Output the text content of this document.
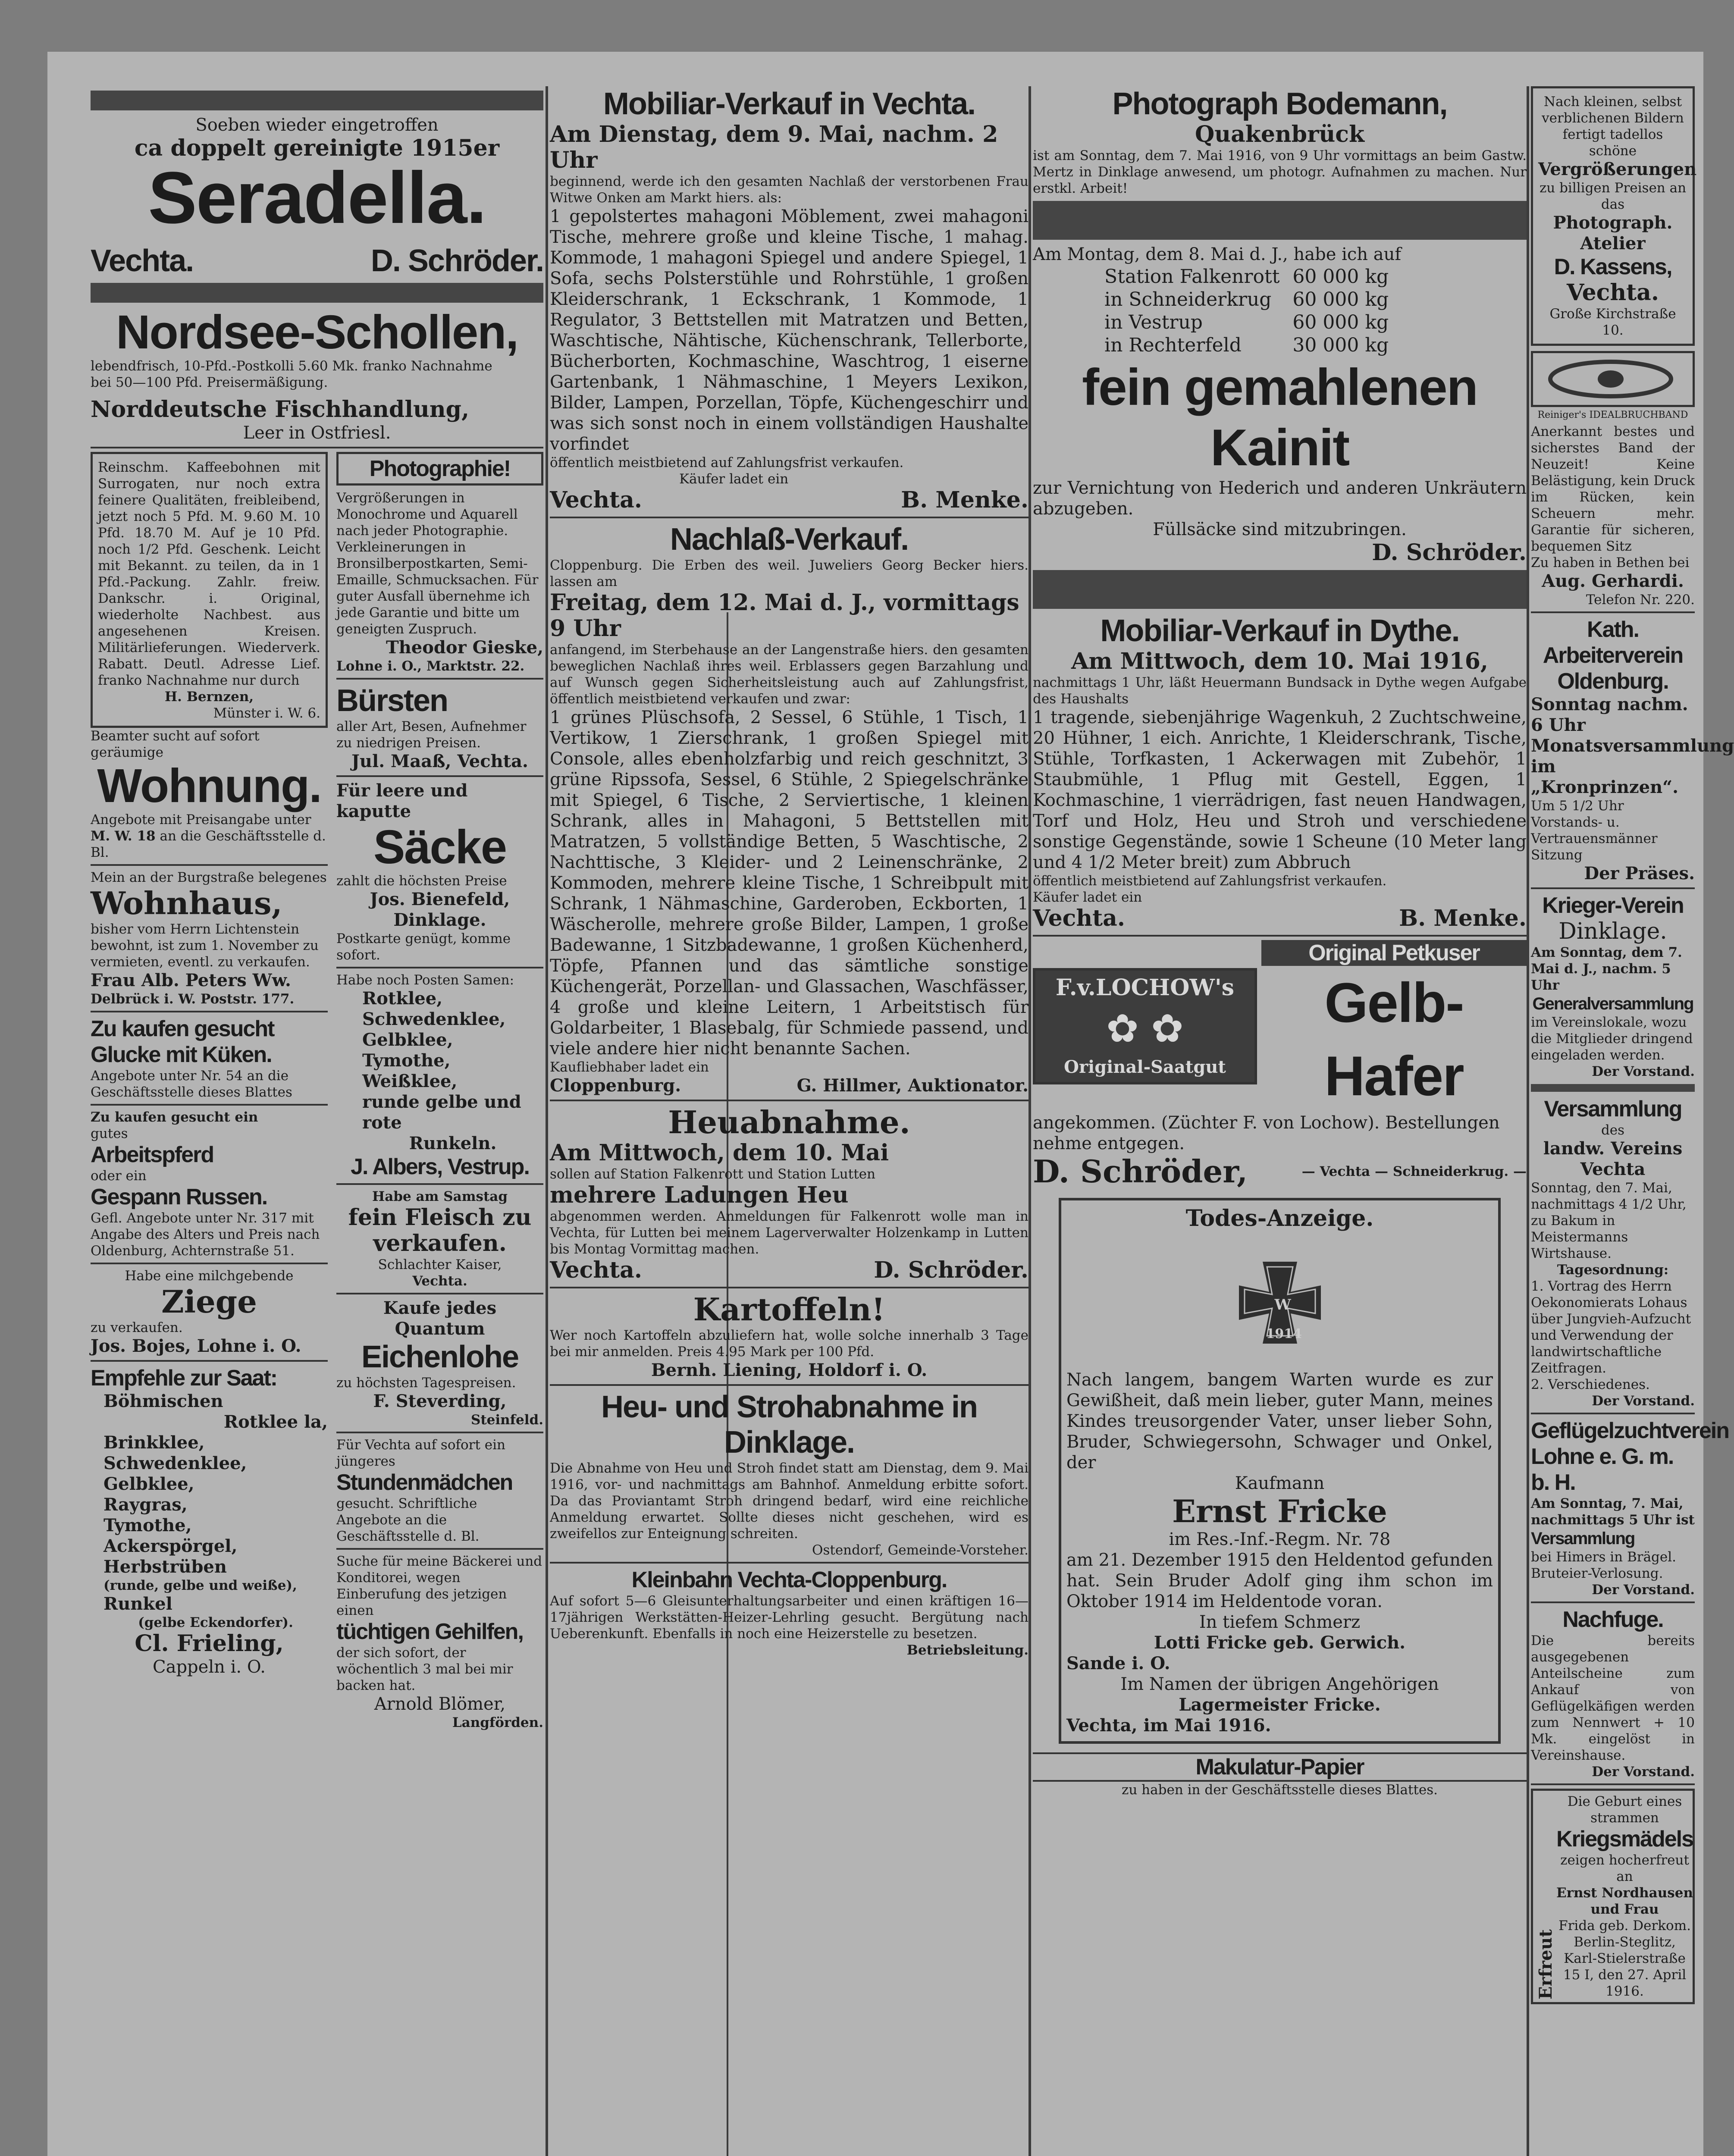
Soeben wieder eingetroffen
ca doppelt gereinigte 1915er
Seradella.
Vechta.	D. Schröder.
Nordsee-Schollen,
lebendfrisch, 10-Pfd.-Postkolli 5.60 Mk. franko Nachnahme
bei 50—100 Pfd. Preisermäßigung.
Norddeutsche Fischhandlung,
Leer in Ostfriesl.
Reinschm. Kaffeebohnen mit Surrogaten, nur noch extra feinere Qualitäten, freibleibend, jetzt noch 5 Pfd. M. 9.60 M. 10 Pfd. 18.70 M. Auf je 10 Pfd. noch 1/2 Pfd. Geschenk. Leicht mit Bekannt. zu teilen, da in 1 Pfd.-Packung. Zahlr. freiw. Dankschr. i. Original, wiederholte Nachbest. aus angesehenen Kreisen. Militärlieferungen. Wiederverk. Rabatt. Deutl. Adresse Lief. franko Nachnahme nur durch
H. Bernzen,
Münster i. W. 6.
Beamter sucht auf sofort geräumige
Wohnung.
Angebote mit Preisangabe unter M. W. 18 an die Geschäftsstelle d. Bl.
Mein an der Burgstraße belegenes
Wohnhaus,
bisher vom Herrn Lichtenstein bewohnt, ist zum 1. November zu vermieten, eventl. zu verkaufen.
Frau Alb. Peters Ww.
Delbrück i. W. Poststr. 177.
Zu kaufen gesucht Glucke mit Küken.
Angebote unter Nr. 54 an die Geschäftsstelle dieses Blattes
Zu kaufen gesucht ein
gutes
Arbeitspferd
oder ein
Gespann Russen.
Gefl. Angebote unter Nr. 317 mit Angabe des Alters und Preis nach Oldenburg, Achternstraße 51.
Habe eine milchgebende
Ziege
zu verkaufen.
Jos. Bojes, Lohne i. O.
Empfehle zur Saat:
Böhmischen
Rotklee la,
Brinkklee,
Schwedenklee,
Gelbklee,
Raygras,
Tymothe,
Ackerspörgel,
Herbstrüben
(runde, gelbe und weiße),
Runkel
(gelbe Eckendorfer).
Cl. Frieling,
Cappeln i. O.
Photographie!
Vergrößerungen in Monochrome und Aquarell nach jeder Photographie.
Verkleinerungen in Bronsilberpostkarten, Semi-Emaille, Schmucksachen. Für guter Ausfall übernehme ich jede Garantie und bitte um geneigten Zuspruch.
Theodor Gieske,
Lohne i. O., Marktstr. 22.
Bürsten
aller Art, Besen, Aufnehmer zu niedrigen Preisen.
Jul. Maaß, Vechta.
Für leere und kaputte
Säcke
zahlt die höchsten Preise
Jos. Bienefeld,
Dinklage.
Postkarte genügt, komme sofort.
Habe noch Posten Samen:
Rotklee,
Schwedenklee,
Gelbklee,
Tymothe,
Weißklee,
runde gelbe und rote
Runkeln.
J. Albers, Vestrup.
Habe am Samstag
fein Fleisch zu verkaufen.
Schlachter Kaiser,
Vechta.
Kaufe jedes Quantum
Eichenlohe
zu höchsten Tagespreisen.
F. Steverding,
Steinfeld.
Für Vechta auf sofort ein jüngeres
Stundenmädchen
gesucht. Schriftliche Angebote an die Geschäftsstelle d. Bl.
Suche für meine Bäckerei und Konditorei, wegen Einberufung des jetzigen einen
tüchtigen Gehilfen,
der sich sofort, der wöchentlich 3 mal bei mir backen hat.
Arnold Blömer,
Langförden.
Mobiliar-Verkauf in Vechta.
Am Dienstag, dem 9. Mai, nachm. 2 Uhr
beginnend, werde ich den gesamten Nachlaß der verstorbenen Frau Witwe Onken am Markt hiers. als:
1 gepolstertes mahagoni Möblement, zwei mahagoni Tische, mehrere große und kleine Tische, 1 mahag. Kommode, 1 mahagoni Spiegel und andere Spiegel, 1 Sofa, sechs Polsterstühle und Rohrstühle, 1 großen Kleiderschrank, 1 Eckschrank, 1 Kommode, 1 Regulator, 3 Bettstellen mit Matratzen und Betten, Waschtische, Nähtische, Küchenschrank, Tellerborte, Bücherborten, Kochmaschine, Waschtrog, 1 eiserne Gartenbank, 1 Nähmaschine, 1 Meyers Lexikon, Bilder, Lampen, Porzellan, Töpfe, Küchengeschirr und was sich sonst noch in einem vollständigen Haushalte vorfindet
öffentlich meistbietend auf Zahlungsfrist verkaufen.
Käufer ladet ein
Vechta.	B. Menke.
Nachlaß-Verkauf.
Cloppenburg. Die Erben des weil. Juweliers Georg Becker hiers. lassen am
Freitag, dem 12. Mai d. J., vormittags 9 Uhr
anfangend, im Sterbehause an der Langenstraße hiers. den gesamten beweglichen Nachlaß ihres weil. Erblassers gegen Barzahlung und auf Wunsch gegen Sicherheitsleistung auch auf Zahlungsfrist, öffentlich meistbietend verkaufen und zwar:
1 grünes Plüschsofa, 2 Sessel, 6 Stühle, 1 Tisch, 1 Vertikow, 1 Zierschrank, 1 großen Spiegel mit Console, alles ebenholzfarbig und reich geschnitzt, 3 grüne Ripssofa, Sessel, 6 Stühle, 2 Spiegelschränke mit Spiegel, 6 Tische, 2 Serviertische, 1 kleinen Schrank, alles in Mahagoni, 5 Bettstellen mit Matratzen, 5 vollständige Betten, 5 Waschtische, 2 Nachttische, 3 Kleider- und 2 Leinenschränke, 2 Kommoden, mehrere kleine Tische, 1 Schreibpult mit Schrank, 1 Nähmaschine, Garderoben, Eckborten, 1 Wäscherolle, mehrere große Bilder, Lampen, 1 große Badewanne, 1 Sitzbadewanne, 1 großen Küchenherd, Töpfe, Pfannen und das sämtliche sonstige Küchengerät, Porzellan- und Glassachen, Waschfässer, 4 große und kleine Leitern, 1 Arbeitstisch für Goldarbeiter, 1 Blasebalg, für Schmiede passend, und viele andere hier nicht benannte Sachen.
Kaufliebhaber ladet ein
Cloppenburg.	G. Hillmer, Auktionator.
Heuabnahme.
Am Mittwoch, dem 10. Mai
sollen auf Station Falkenrott und Station Lutten
mehrere Ladungen Heu
abgenommen werden. Anmeldungen für Falkenrott wolle man in Vechta, für Lutten bei meinem Lagerverwalter Holzenkamp in Lutten bis Montag Vormittag machen.
Vechta.	D. Schröder.
Kartoffeln!
Wer noch Kartoffeln abzuliefern hat, wolle solche innerhalb 3 Tage bei mir anmelden. Preis 4.95 Mark per 100 Pfd.
Bernh. Liening, Holdorf i. O.
Heu- und Strohabnahme in Dinklage.
Die Abnahme von Heu und Stroh findet statt am Dienstag, dem 9. Mai 1916, vor- und nachmittags am Bahnhof. Anmeldung erbitte sofort. Da das Proviantamt Stroh dringend bedarf, wird eine reichliche Anmeldung erwartet. Sollte dieses nicht geschehen, wird es zweifellos zur Enteignung schreiten.
Ostendorf, Gemeinde-Vorsteher.
Kleinbahn Vechta-Cloppenburg.
Auf sofort 5—6 Gleisunterhaltungsarbeiter und einen kräftigen 16—17jährigen Werkstätten-Heizer-Lehrling gesucht. Bergütung nach Ueberenkunft. Ebenfalls in noch eine Heizerstelle zu besetzen.
Betriebsleitung.
Photograph Bodemann,
Quakenbrück
ist am Sonntag, dem 7. Mai 1916, von 9 Uhr vormittags an beim Gastw. Mertz in Dinklage anwesend, um photogr. Aufnahmen zu machen. Nur erstkl. Arbeit!
Am Montag, dem 8. Mai d. J., habe ich auf
Station Falkenrott	60 000 kg
in Schneiderkrug	60 000 kg
in Vestrup	60 000 kg
in Rechterfeld	30 000 kg
fein gemahlenen Kainit
zur Vernichtung von Hederich und anderen Unkräutern abzugeben.
Füllsäcke sind mitzubringen.
D. Schröder.
Mobiliar-Verkauf in Dythe.
Am Mittwoch, dem 10. Mai 1916,
nachmittags 1 Uhr, läßt Heuermann Bundsack in Dythe wegen Aufgabe des Haushalts
1 tragende, siebenjährige Wagenkuh, 2 Zuchtschweine, 20 Hühner, 1 eich. Anrichte, 1 Kleiderschrank, Tische, Stühle, Torfkasten, 1 Ackerwagen mit Zubehör, 1 Staubmühle, 1 Pflug mit Gestell, Eggen, 1 Kochmaschine, 1 vierrädrigen, fast neuen Handwagen, Torf und Holz, Heu und Stroh und verschiedene sonstige Gegenstände, sowie 1 Scheune (10 Meter lang und 4 1/2 Meter breit) zum Abbruch
öffentlich meistbietend auf Zahlungsfrist verkaufen.
Käufer ladet ein
Vechta.	B. Menke.
F.v.LOCHOW's
✿ ✿
Original-Saatgut
Original Petkuser
Gelb-Hafer
angekommen. (Züchter F. von Lochow). Bestellungen nehme entgegen.
D. Schröder,	— Vechta — Schneiderkrug. —
Todes-Anzeige.
W
1914
Nach langem, bangem Warten wurde es zur Gewißheit, daß mein lieber, guter Mann, meines Kindes treusorgender Vater, unser lieber Sohn, Bruder, Schwiegersohn, Schwager und Onkel, der
Kaufmann
Ernst Fricke
im Res.-Inf.-Regm. Nr. 78
am 21. Dezember 1915 den Heldentod gefunden hat. Sein Bruder Adolf ging ihm schon im Oktober 1914 im Heldentode voran.
In tiefem Schmerz
Lotti Fricke geb. Gerwich.
Sande i. O.
Im Namen der übrigen Angehörigen
Lagermeister Fricke.
Vechta, im Mai 1916.
Makulatur-Papier
zu haben in der Geschäftsstelle dieses Blattes.
Nach kleinen, selbst verblichenen Bildern fertigt tadellos schöne
Vergrößerungen
zu billigen Preisen an das
Photograph. Atelier
D. Kassens,
Vechta.
Große Kirchstraße 10.
Reiniger's IDEALBRUCHBAND
Anerkannt bestes und sicherstes Band der Neuzeit! Keine Belästigung, kein Druck im Rücken, kein Scheuern mehr. Garantie für sicheren, bequemen Sitz
Zu haben in Bethen bei
Aug. Gerhardi.
Telefon Nr. 220.
Kath. Arbeiterverein Oldenburg.
Sonntag nachm. 6 Uhr
Monatsversammlung
im „Kronprinzen“.
Um 5 1/2 Uhr Vorstands- u. Vertrauensmänner Sitzung
Der Präses.
Krieger-Verein
Dinklage.
Am Sonntag, dem 7. Mai d. J., nachm. 5 Uhr
Generalversammlung
im Vereinslokale, wozu die Mitglieder dringend eingeladen werden.
Der Vorstand.
Versammlung
des
landw. Vereins Vechta
Sonntag, den 7. Mai, nachmittags 4 1/2 Uhr, zu Bakum in Meistermanns Wirtshause.
Tagesordnung:
1. Vortrag des Herrn Oekonomierats Lohaus über Jungvieh-Aufzucht und Verwendung der landwirtschaftliche Zeitfragen.
2. Verschiedenes.
Der Vorstand.
Geflügelzuchtverein Lohne e. G. m. b. H.
Am Sonntag, 7. Mai, nachmittags 5 Uhr ist
Versammlung
bei Himers in Brägel. Bruteier-Verlosung.
Der Vorstand.
Nachfuge.
Die bereits ausgegebenen Anteilscheine zum Ankauf von Geflügelkäfigen werden zum Nennwert + 10 Mk. eingelöst in Vereinshause.
Der Vorstand.
Erfreut
Die Geburt eines strammen
Kriegsmädels
zeigen hocherfreut an
Ernst Nordhausen und Frau
Frida geb. Derkom.
Berlin-Steglitz, Karl-Stielerstraße 15 I, den 27. April 1916.
